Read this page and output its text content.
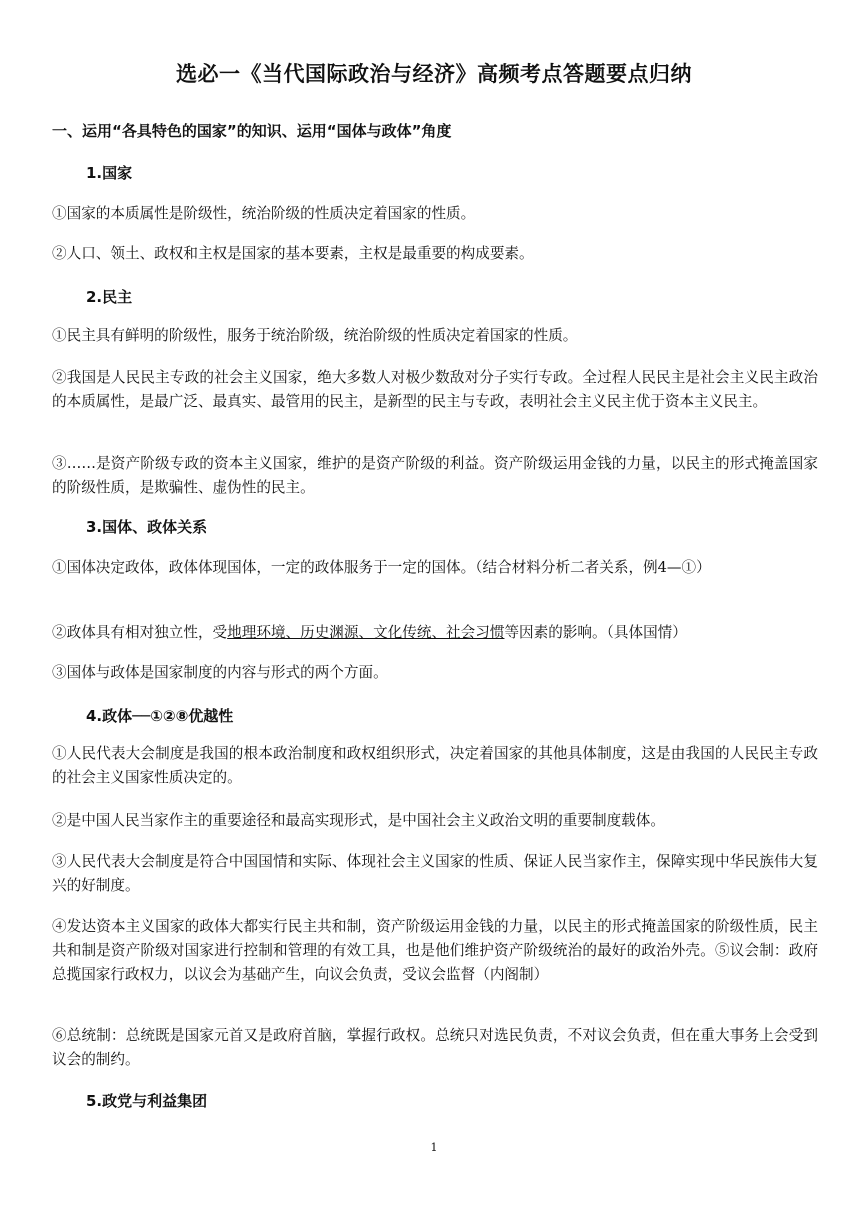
选必一《当代国际政治与经济》高频考点答题要点归纳
一、运用“各具特色的国家”的知识、运用“国体与政体”角度
1.国家
①国家的本质属性是阶级性，统治阶级的性质决定着国家的性质。
②人口、领土、政权和主权是国家的基本要素，主权是最重要的构成要素。
2.民主
①民主具有鲜明的阶级性，服务于统治阶级，统治阶级的性质决定着国家的性质。
②我国是人民民主专政的社会主义国家，绝大多数人对极少数敌对分子实行专政。全过程人民民主是社会主义民主政治的本质属性，是最广泛、最真实、最管用的民主，是新型的民主与专政，表明社会主义民主优于资本主义民主。
③……是资产阶级专政的资本主义国家，维护的是资产阶级的利益。资产阶级运用金钱的力量，以民主的形式掩盖国家的阶级性质，是欺骗性、虚伪性的民主。
3.国体、政体关系
①国体决定政体，政体体现国体，一定的政体服务于一定的国体。（结合材料分析二者关系，例4—①）
②政体具有相对独立性，受地理环境、历史渊源、文化传统、社会习惯等因素的影响。（具体国情）
③国体与政体是国家制度的内容与形式的两个方面。
4.政体──①②⑧优越性
①人民代表大会制度是我国的根本政治制度和政权组织形式，决定着国家的其他具体制度，这是由我国的人民民主专政的社会主义国家性质决定的。
②是中国人民当家作主的重要途径和最高实现形式，是中国社会主义政治文明的重要制度载体。
③人民代表大会制度是符合中国国情和实际、体现社会主义国家的性质、保证人民当家作主，保障实现中华民族伟大复兴的好制度。
④发达资本主义国家的政体大都实行民主共和制，资产阶级运用金钱的力量，以民主的形式掩盖国家的阶级性质，民主共和制是资产阶级对国家进行控制和管理的有效工具，也是他们维护资产阶级统治的最好的政治外壳。⑤议会制：政府总揽国家行政权力，以议会为基础产生，向议会负责，受议会监督（内阁制）
⑥总统制：总统既是国家元首又是政府首脑，掌握行政权。总统只对选民负责，不对议会负责，但在重大事务上会受到议会的制约。
5.政党与利益集团
1
